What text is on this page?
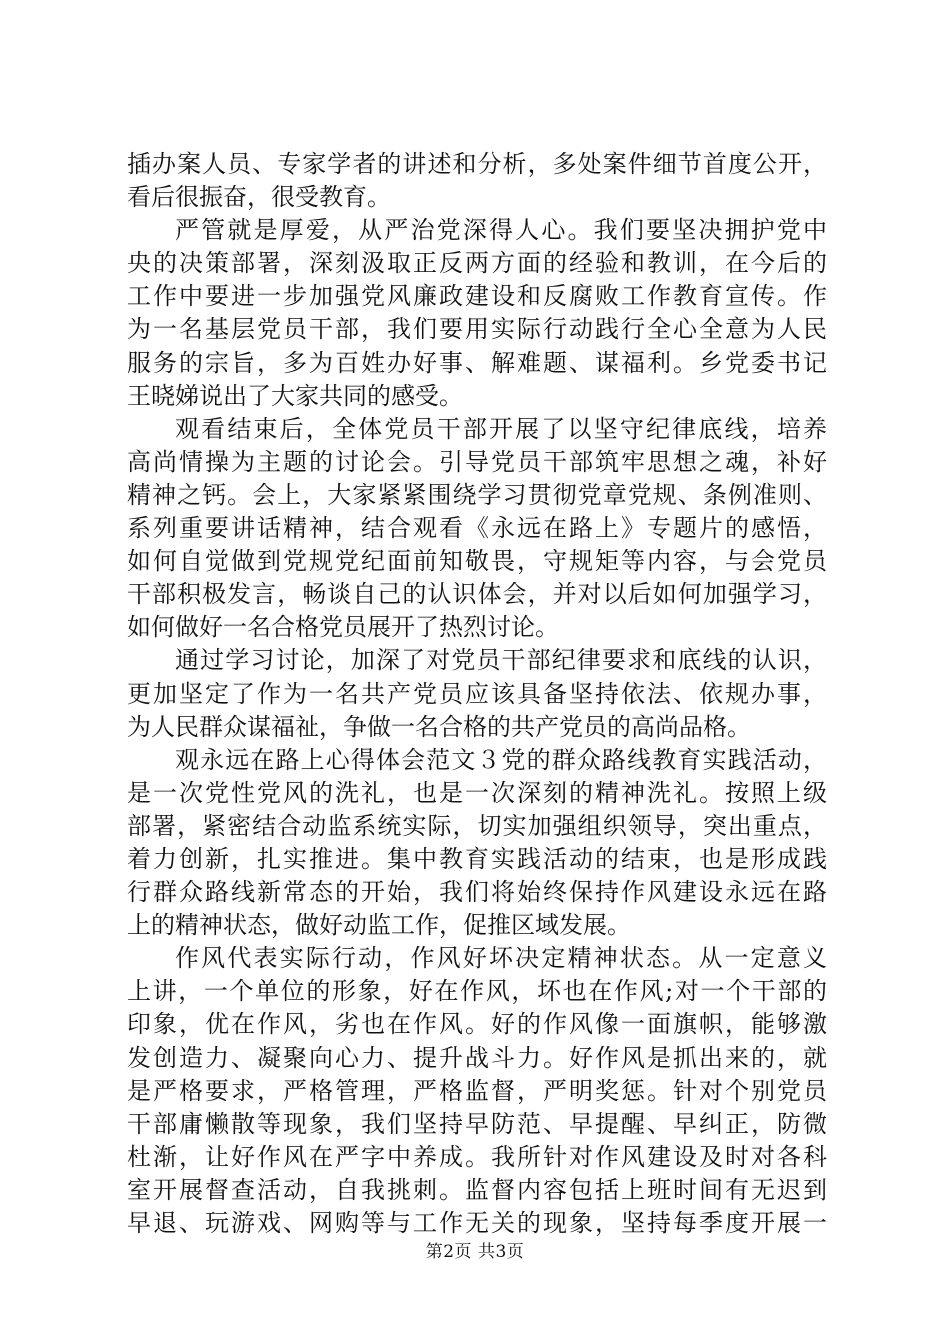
插办案人员、专家学者的讲述和分析，多处案件细节首度公开，
看后很振奋，很受教育。
严管就是厚爱，从严治党深得人心。我们要坚决拥护党中
央的决策部署，深刻汲取正反两方面的经验和教训，在今后的
工作中要进一步加强党风廉政建设和反腐败工作教育宣传。作
为一名基层党员干部，我们要用实际行动践行全心全意为人民
服务的宗旨，多为百姓办好事、解难题、谋福利。乡党委书记
王晓娣说出了大家共同的感受。
观看结束后，全体党员干部开展了以坚守纪律底线，培养
高尚情操为主题的讨论会。引导党员干部筑牢思想之魂，补好
精神之钙。会上，大家紧紧围绕学习贯彻党章党规、条例准则、
系列重要讲话精神，结合观看《永远在路上》专题片的感悟，
如何自觉做到党规党纪面前知敬畏，守规矩等内容，与会党员
干部积极发言，畅谈自己的认识体会，并对以后如何加强学习，
如何做好一名合格党员展开了热烈讨论。
通过学习讨论，加深了对党员干部纪律要求和底线的认识，
更加坚定了作为一名共产党员应该具备坚持依法、依规办事，
为人民群众谋福祉，争做一名合格的共产党员的高尚品格。
观永远在路上心得体会范文３党的群众路线教育实践活动，
是一次党性党风的洗礼，也是一次深刻的精神洗礼。按照上级
部署，紧密结合动监系统实际，切实加强组织领导，突出重点，
着力创新，扎实推进。集中教育实践活动的结束，也是形成践
行群众路线新常态的开始，我们将始终保持作风建设永远在路
上的精神状态，做好动监工作，促推区域发展。
作风代表实际行动，作风好坏决定精神状态。从一定意义
上讲，一个单位的形象，好在作风，坏也在作风;对一个干部的
印象，优在作风，劣也在作风。好的作风像一面旗帜，能够激
发创造力、凝聚向心力、提升战斗力。好作风是抓出来的，就
是严格要求，严格管理，严格监督，严明奖惩。针对个别党员
干部庸懒散等现象，我们坚持早防范、早提醒、早纠正，防微
杜渐，让好作风在严字中养成。我所针对作风建设及时对各科
室开展督查活动，自我挑刺。监督内容包括上班时间有无迟到
早退、玩游戏、网购等与工作无关的现象，坚持每季度开展一
第2页 共3页
